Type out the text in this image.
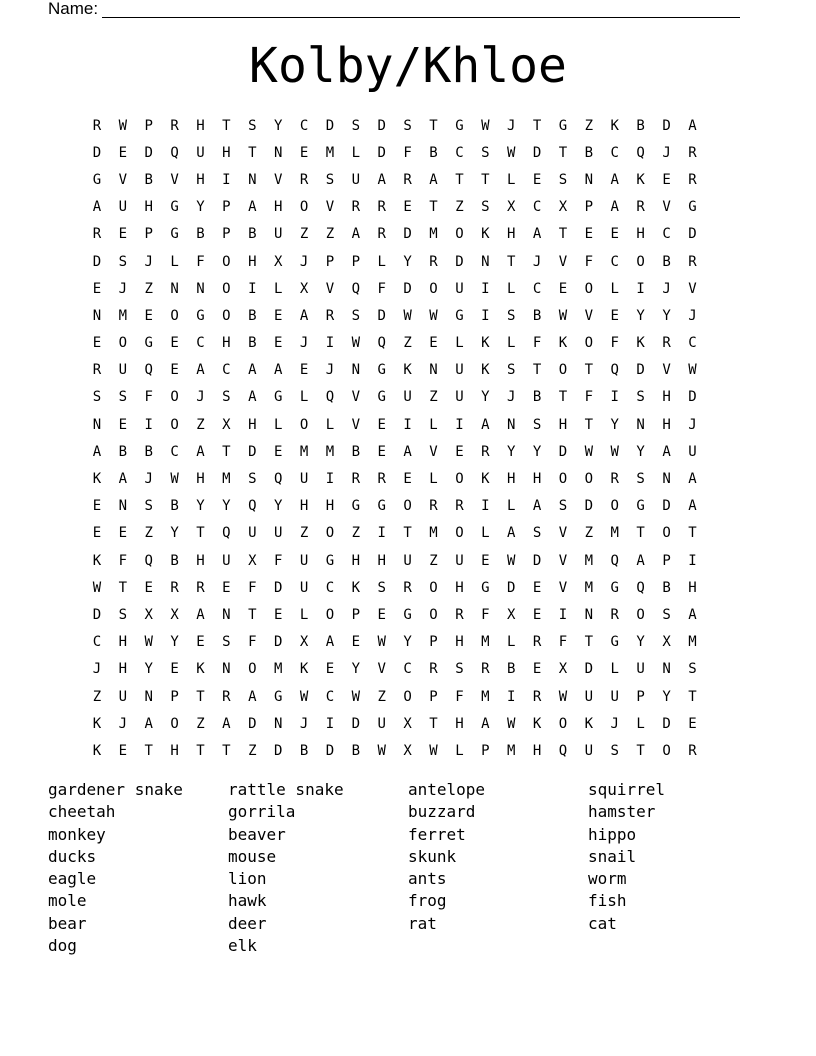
Name:
Kolby/Khloe
R	W	P	R	H	T	S	Y	C	D	S	D	S	T	G	W	J	T	G	Z	K	B	D	A
D	E	D	Q	U	H	T	N	E	M	L	D	F	B	C	S	W	D	T	B	C	Q	J	R
G	V	B	V	H	I	N	V	R	S	U	A	R	A	T	T	L	E	S	N	A	K	E	R
A	U	H	G	Y	P	A	H	O	V	R	R	E	T	Z	S	X	C	X	P	A	R	V	G
R	E	P	G	B	P	B	U	Z	Z	A	R	D	M	O	K	H	A	T	E	E	H	C	D
D	S	J	L	F	O	H	X	J	P	P	L	Y	R	D	N	T	J	V	F	C	O	B	R
E	J	Z	N	N	O	I	L	X	V	Q	F	D	O	U	I	L	C	E	O	L	I	J	V
N	M	E	O	G	O	B	E	A	R	S	D	W	W	G	I	S	B	W	V	E	Y	Y	J
E	O	G	E	C	H	B	E	J	I	W	Q	Z	E	L	K	L	F	K	O	F	K	R	C
R	U	Q	E	A	C	A	A	E	J	N	G	K	N	U	K	S	T	O	T	Q	D	V	W
S	S	F	O	J	S	A	G	L	Q	V	G	U	Z	U	Y	J	B	T	F	I	S	H	D
N	E	I	O	Z	X	H	L	O	L	V	E	I	L	I	A	N	S	H	T	Y	N	H	J
A	B	B	C	A	T	D	E	M	M	B	E	A	V	E	R	Y	Y	D	W	W	Y	A	U
K	A	J	W	H	M	S	Q	U	I	R	R	E	L	O	K	H	H	O	O	R	S	N	A
E	N	S	B	Y	Y	Q	Y	H	H	G	G	O	R	R	I	L	A	S	D	O	G	D	A
E	E	Z	Y	T	Q	U	U	Z	O	Z	I	T	M	O	L	A	S	V	Z	M	T	O	T
K	F	Q	B	H	U	X	F	U	G	H	H	U	Z	U	E	W	D	V	M	Q	A	P	I
W	T	E	R	R	E	F	D	U	C	K	S	R	O	H	G	D	E	V	M	G	Q	B	H
D	S	X	X	A	N	T	E	L	O	P	E	G	O	R	F	X	E	I	N	R	O	S	A
C	H	W	Y	E	S	F	D	X	A	E	W	Y	P	H	M	L	R	F	T	G	Y	X	M
J	H	Y	E	K	N	O	M	K	E	Y	V	C	R	S	R	B	E	X	D	L	U	N	S
Z	U	N	P	T	R	A	G	W	C	W	Z	O	P	F	M	I	R	W	U	U	P	Y	T
K	J	A	O	Z	A	D	N	J	I	D	U	X	T	H	A	W	K	O	K	J	L	D	E
K	E	T	H	T	T	Z	D	B	D	B	W	X	W	L	P	M	H	Q	U	S	T	O	R
gardener snake
cheetah
monkey
ducks
eagle
mole
bear
dog
rattle snake
gorrila
beaver
mouse
lion
hawk
deer
elk
antelope
buzzard
ferret
skunk
ants
frog
rat
squirrel
hamster
hippo
snail
worm
fish
cat
